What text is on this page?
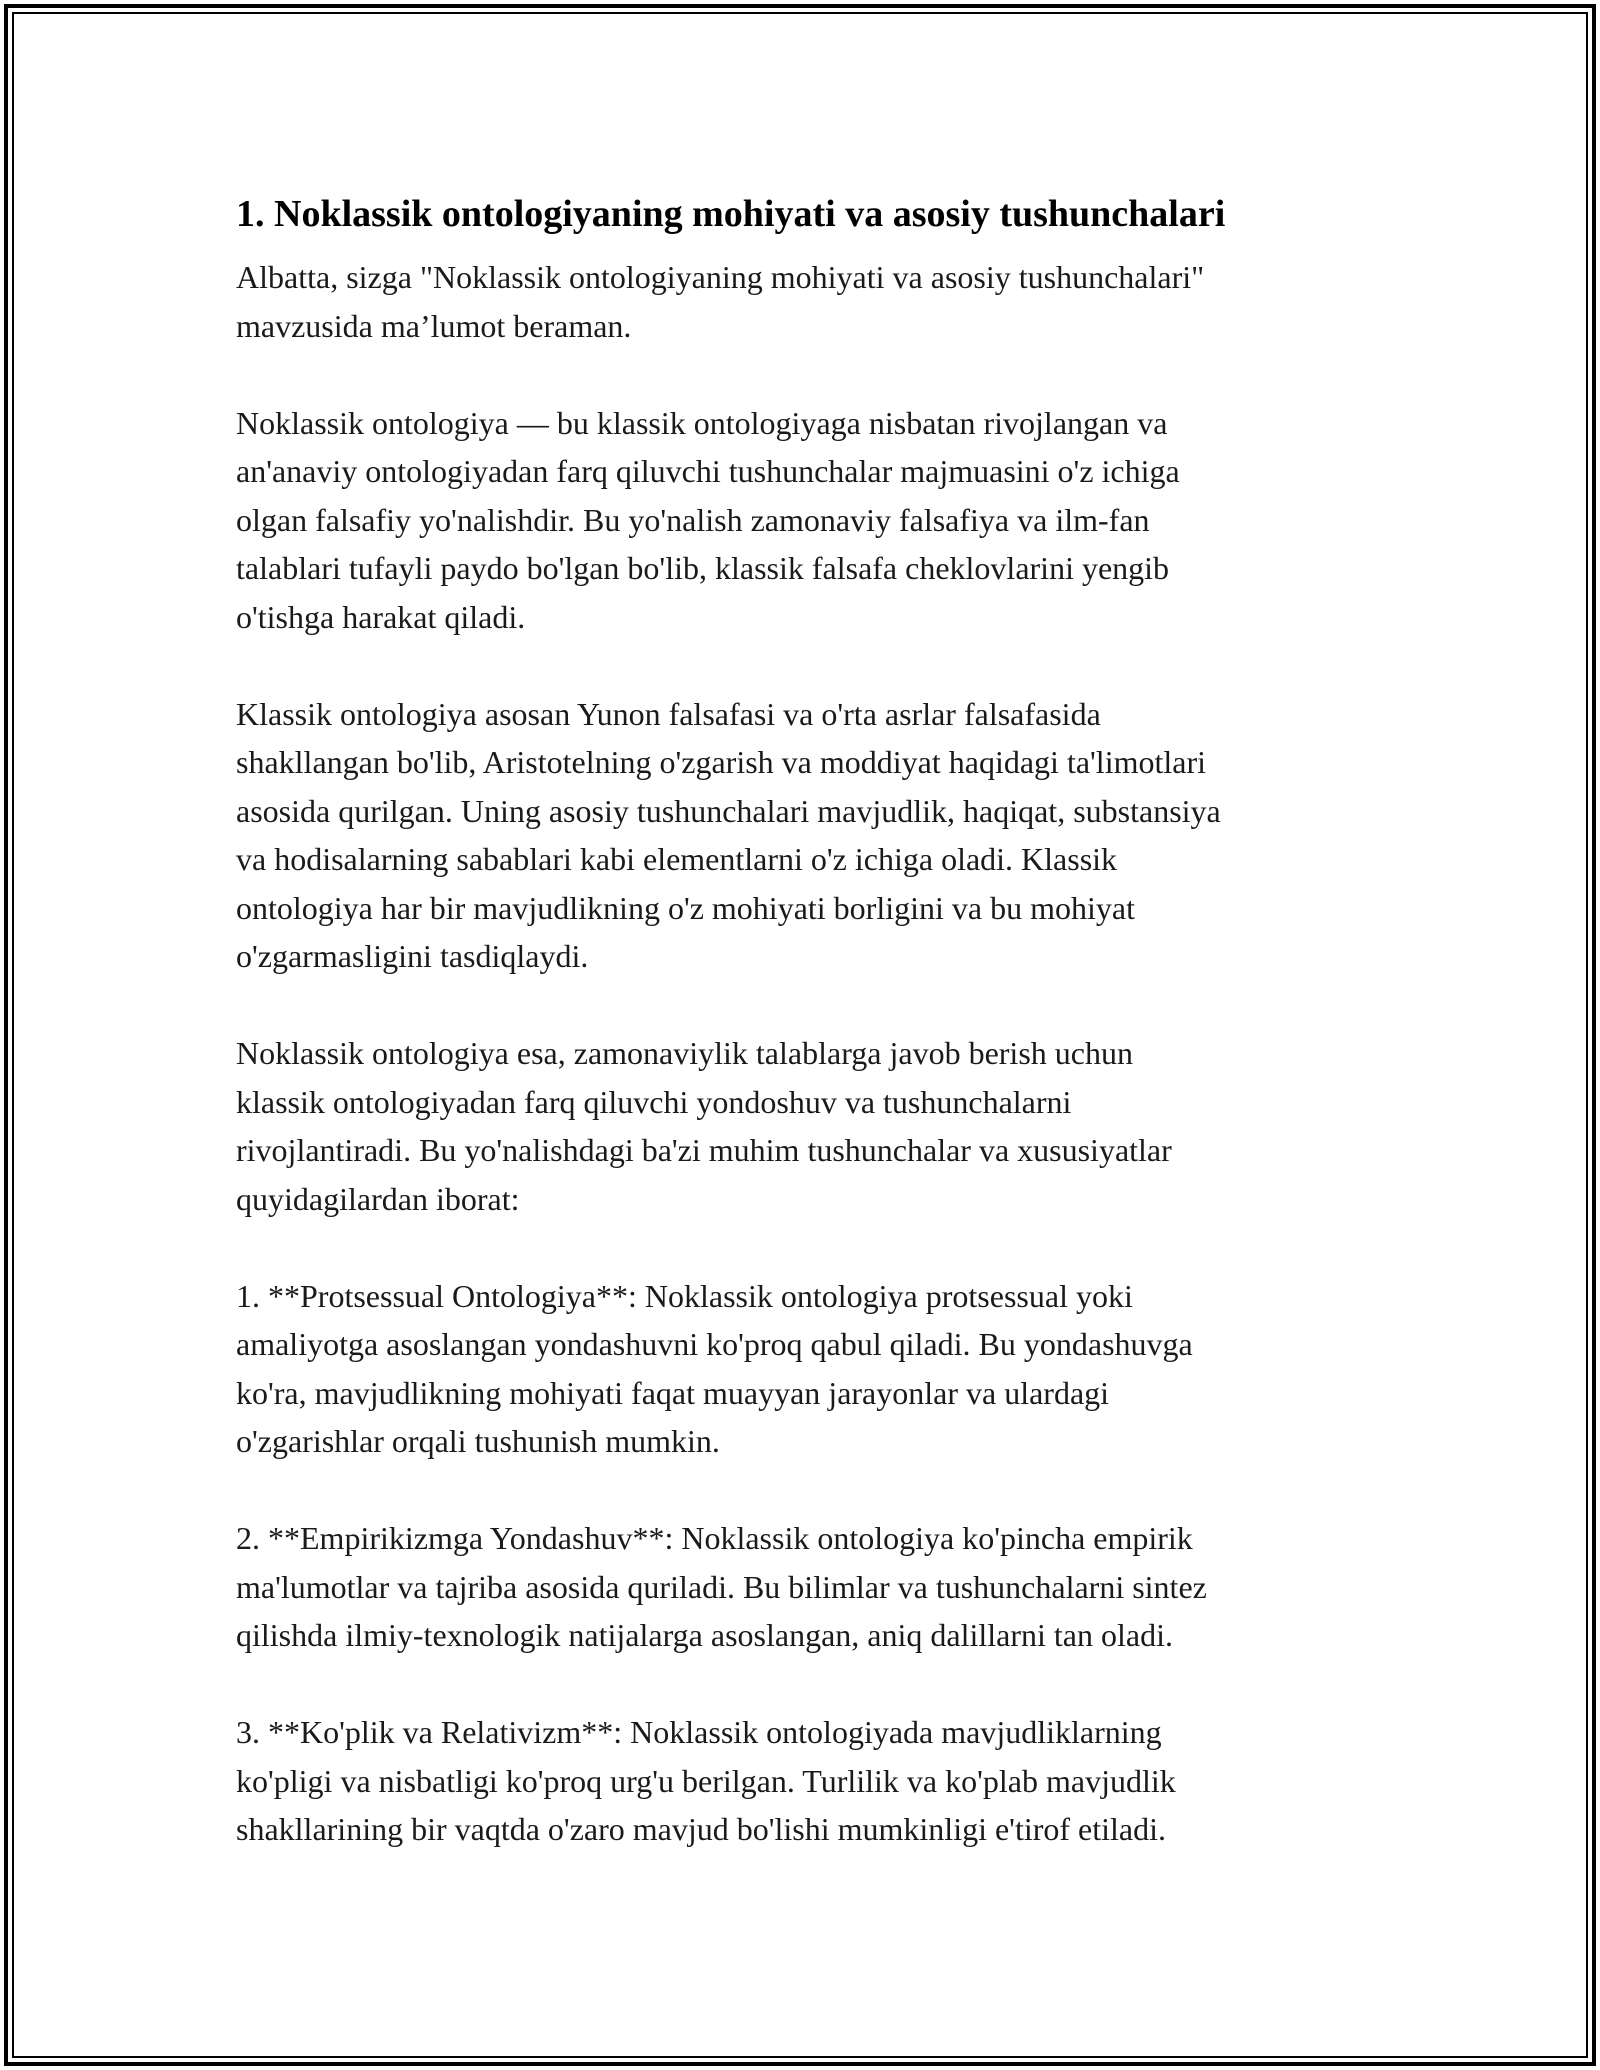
1. Noklassik ontologiyaning mohiyati va asosiy tushunchalari

Albatta, sizga "Noklassik ontologiyaning mohiyati va asosiy tushunchalari"
mavzusida ma’lumot beraman.

Noklassik ontologiya — bu klassik ontologiyaga nisbatan rivojlangan va
an'anaviy ontologiyadan farq qiluvchi tushunchalar majmuasini o'z ichiga
olgan falsafiy yo'nalishdir. Bu yo'nalish zamonaviy falsafiya va ilm-fan
talablari tufayli paydo bo'lgan bo'lib, klassik falsafa cheklovlarini yengib
o'tishga harakat qiladi.

Klassik ontologiya asosan Yunon falsafasi va o'rta asrlar falsafasida
shakllangan bo'lib, Aristotelning o'zgarish va moddiyat haqidagi ta'limotlari
asosida qurilgan. Uning asosiy tushunchalari mavjudlik, haqiqat, substansiya
va hodisalarning sabablari kabi elementlarni o'z ichiga oladi. Klassik
ontologiya har bir mavjudlikning o'z mohiyati borligini va bu mohiyat
o'zgarmasligini tasdiqlaydi.

Noklassik ontologiya esa, zamonaviylik talablarga javob berish uchun
klassik ontologiyadan farq qiluvchi yondoshuv va tushunchalarni
rivojlantiradi. Bu yo'nalishdagi ba'zi muhim tushunchalar va xususiyatlar
quyidagilardan iborat:

1. **Protsessual Ontologiya**: Noklassik ontologiya protsessual yoki
amaliyotga asoslangan yondashuvni ko'proq qabul qiladi. Bu yondashuvga
ko'ra, mavjudlikning mohiyati faqat muayyan jarayonlar va ulardagi
o'zgarishlar orqali tushunish mumkin.

2. **Empirikizmga Yondashuv**: Noklassik ontologiya ko'pincha empirik
ma'lumotlar va tajriba asosida quriladi. Bu bilimlar va tushunchalarni sintez
qilishda ilmiy-texnologik natijalarga asoslangan, aniq dalillarni tan oladi.

3. **Ko'plik va Relativizm**: Noklassik ontologiyada mavjudliklarning
ko'pligi va nisbatligi ko'proq urg'u berilgan. Turlilik va ko'plab mavjudlik
shakllarining bir vaqtda o'zaro mavjud bo'lishi mumkinligi e'tirof etiladi.
